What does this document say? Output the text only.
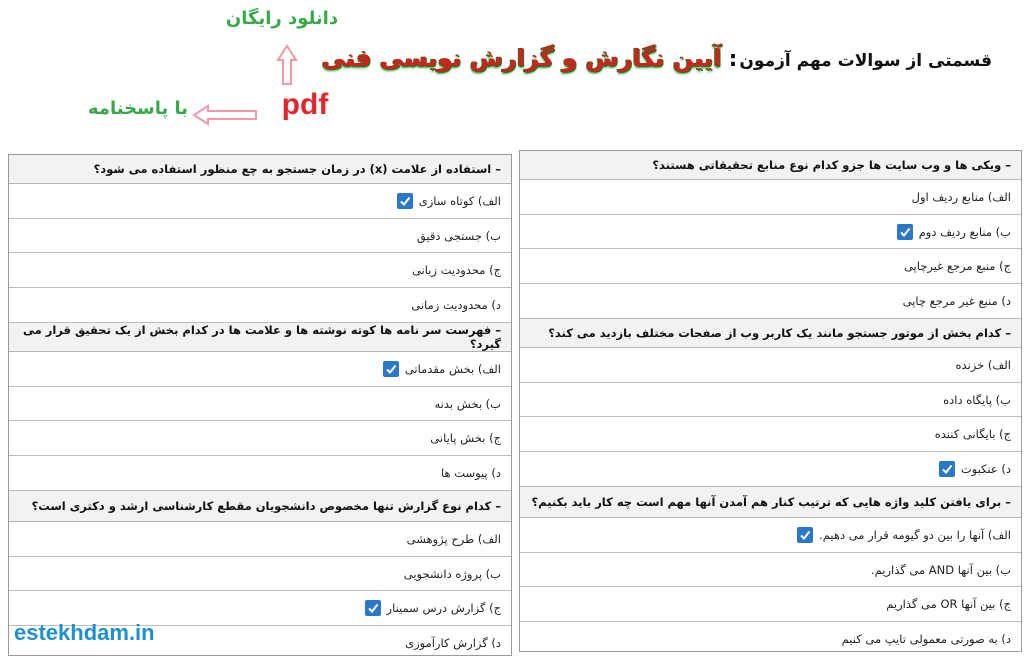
قسمتی از سوالات مهم آزمون: آیین نگارش و گزارش نویسی فنی
دانلود رایگان
pdf
با پاسخنامه
– استفاده از علامت (x) در زمان جستجو به چع منظور استفاده می شود؟
الف) کوتاه سازی
ب) جستجی دقیق
ج) محدودیت زبانی
د) محدودیت زمانی
– فهرست سر نامه ها کوته نوشته ها و علامت ها در کدام بخش از یک تحقیق قرار می گیرد؟
الف) بخش مقدماتی
ب) بخش بدنه
ج) بخش پایانی
د) پیوست ها
– کدام نوع گزارش تنها مخصوص دانشجویان مقطع کارشناسی ارشد و دکتری است؟
الف) طرح پژوهشی
ب) پروژه دانشجویی
ج) گزارش درس سمینار
د) گزارش کارآموزی
– ویکی ها و وب سایت ها جزو کدام نوع منابع تحقیقاتی هستند؟
الف) منابع ردیف اول
ب) منابع ردیف دوم
ج) منبع مرجع غیرچاپی
د) منبع غیر مرجع چاپی
– کدام بخش از موتور جستجو مانند یک کاربر وب از صفحات مختلف بازدید می کند؟
الف) خزنده
ب) پایگاه داده
ج) بایگانی کننده
د) عنکبوت
– برای یافتن کلید واژه هایی که ترتیب کنار هم آمدن آنها مهم است چه کار باید بکنیم؟
الف) آنها را بین دو گیومه قرار می دهیم.
ب) بین آنها AND می گذاریم.
ج) بین آنها OR می گذاریم
د) به صورتی معمولی تایپ می کنیم
estekhdam.in
